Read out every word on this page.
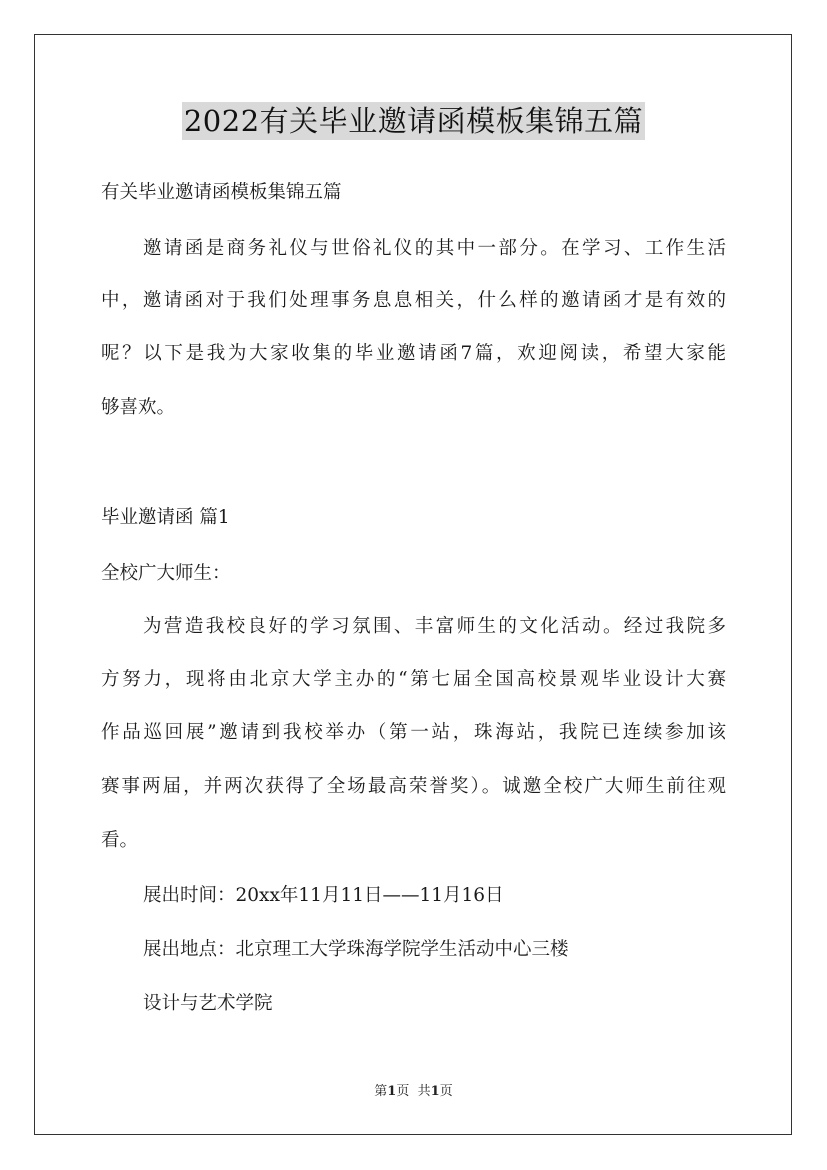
2022有关毕业邀请函模板集锦五篇
有关毕业邀请函模板集锦五篇
邀请函是商务礼仪与世俗礼仪的其中一部分。在学习、工作生活
中，邀请函对于我们处理事务息息相关，什么样的邀请函才是有效的
呢？以下是我为大家收集的毕业邀请函7篇，欢迎阅读，希望大家能
够喜欢。
毕业邀请函 篇1
全校广大师生：
为营造我校良好的学习氛围、丰富师生的文化活动。经过我院多
方努力，现将由北京大学主办的“第七届全国高校景观毕业设计大赛
作品巡回展”邀请到我校举办（第一站，珠海站，我院已连续参加该
赛事两届，并两次获得了全场最高荣誉奖）。诚邀全校广大师生前往观
看。
展出时间：20xx年11月11日——11月16日
展出地点：北京理工大学珠海学院学生活动中心三楼
设计与艺术学院
第1页 共1页
